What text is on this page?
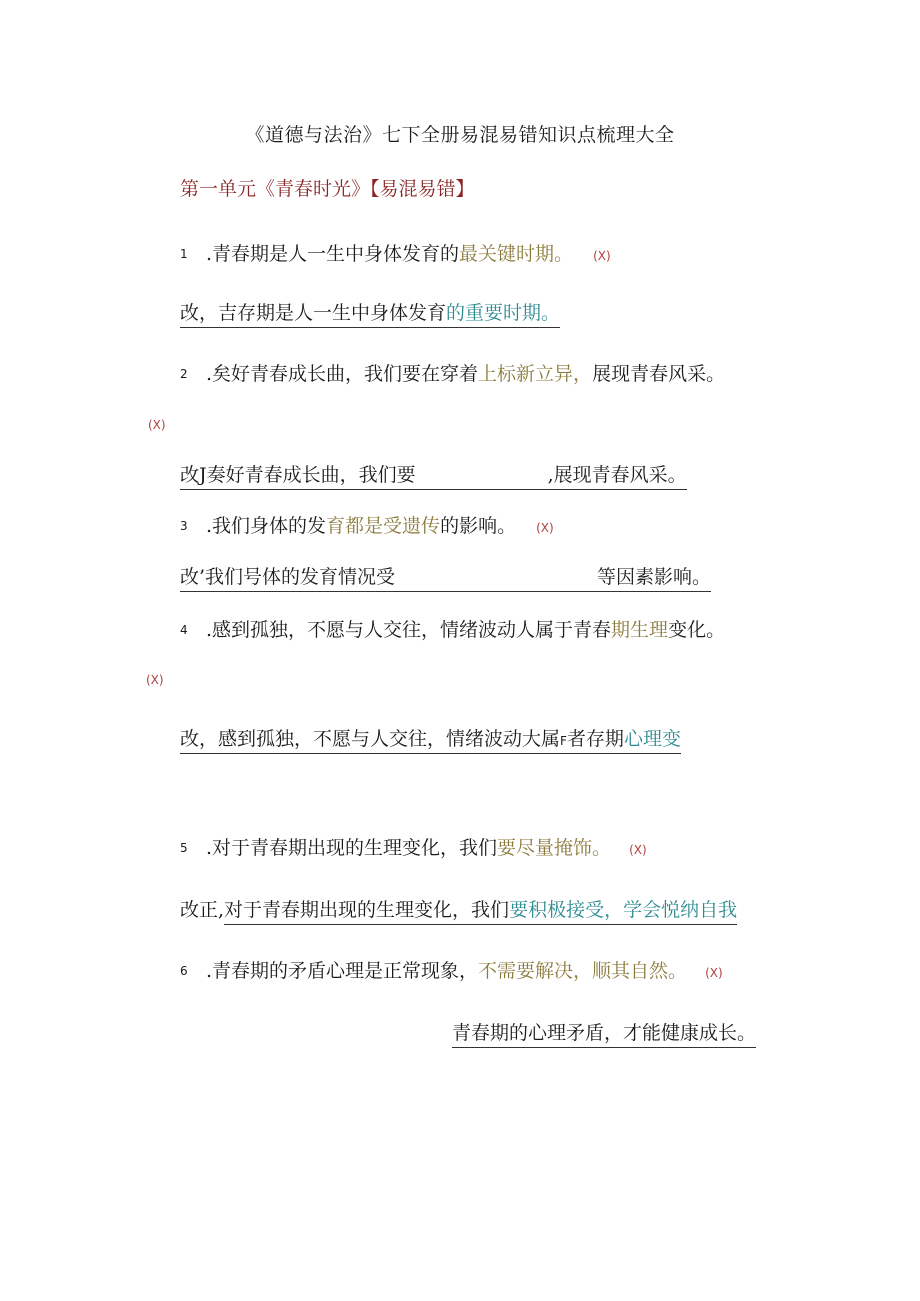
《道德与法治》七下全册易混易错知识点梳理大全
第一单元《青春时光》【易混易错】
1 .青春期是人一生中身体发育的最关键时期。 (X)
改，吉存期是人一生中身体发育的重要时期。
2 .矣好青春成长曲，我们要在穿着上标新立异，展现青春风采。
(X)
改J奏好青春成长曲，我们要	,展现青春风采。
3 .我们身体的发育都是受遗传的影响。 (X)
改’我们号体的发育情况受	等因素影响。
4 .感到孤独，不愿与人交往，情绪波动人属于青春期生理变化。
(X)
改，感到孤独，不愿与人交往，情绪波动大属F者存期心理变
5 .对于青春期出现的生理变化，我们要尽量掩饰。 (X)
改正,对于青春期出现的生理变化，我们要积极接受，学会悦纳自我
6 .青春期的矛盾心理是正常现象，不需要解决，顺其自然。 (X)
青春期的心理矛盾，才能健康成长。
